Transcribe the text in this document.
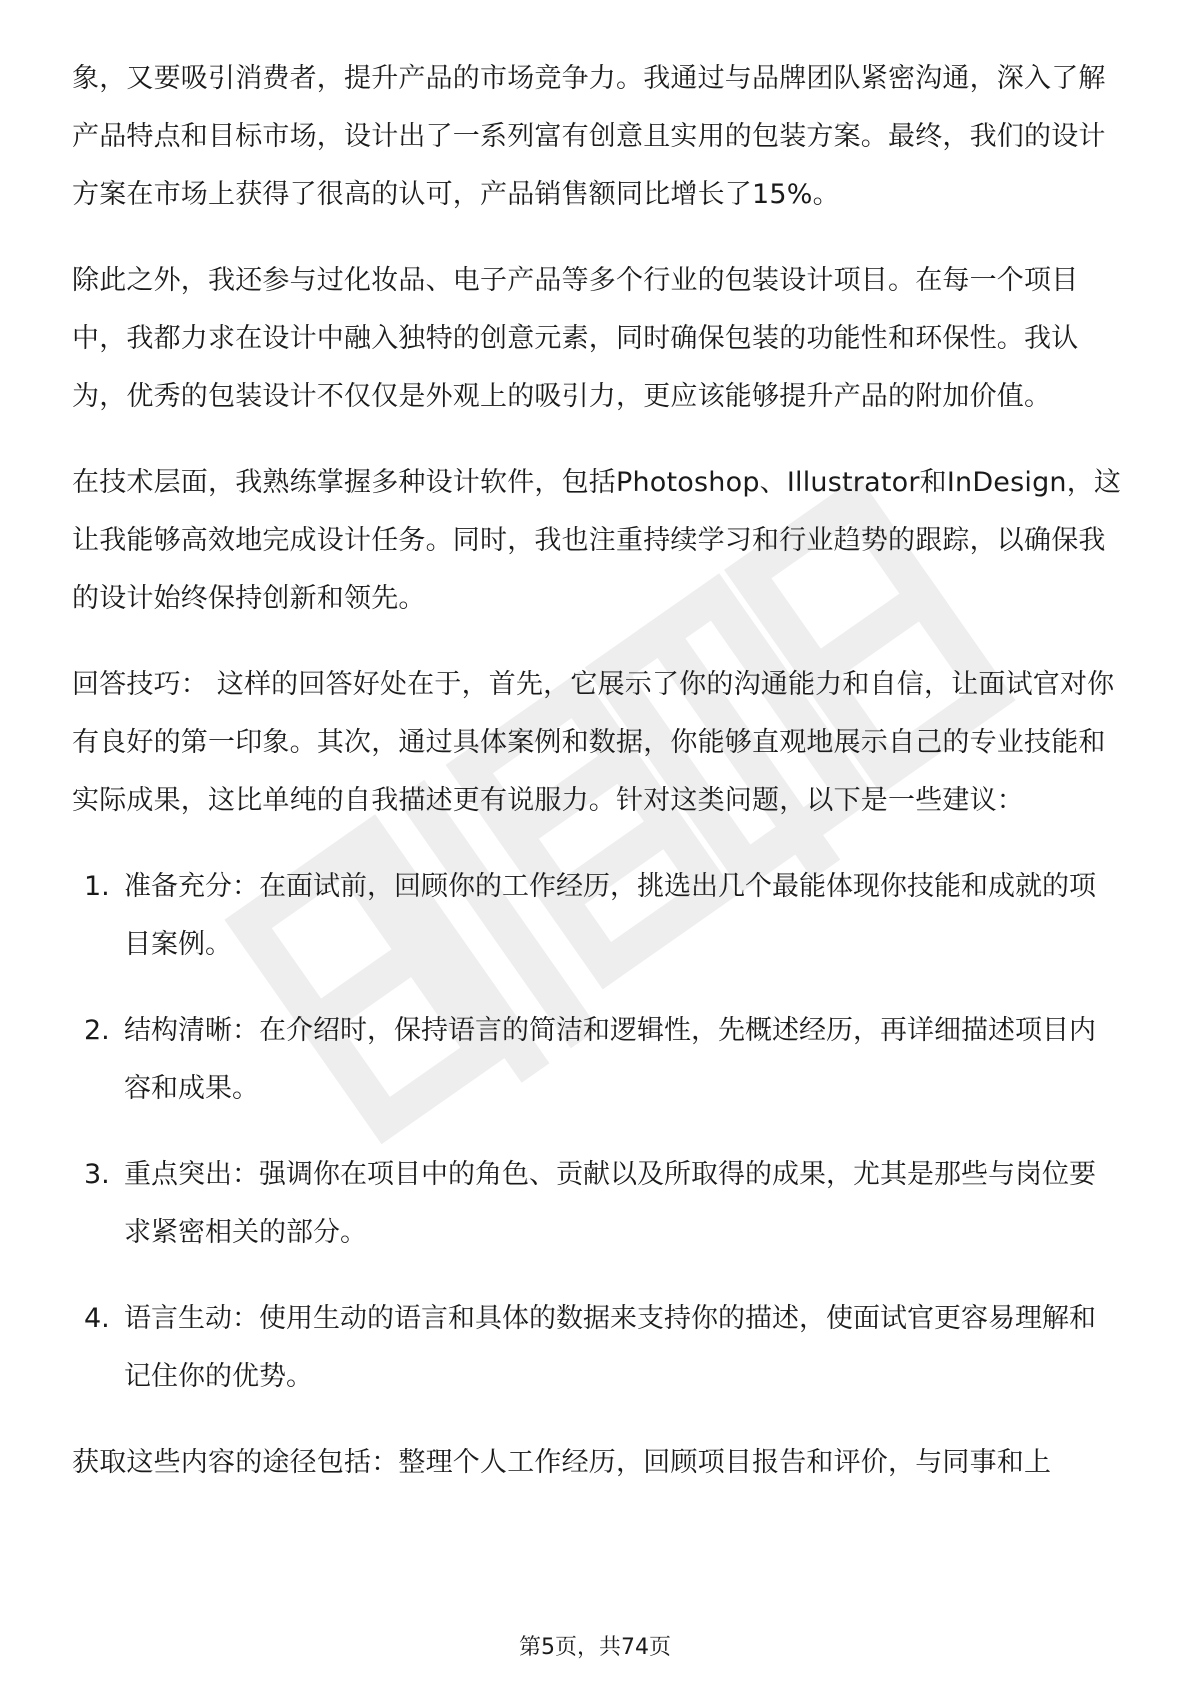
象，又要吸引消费者，提升产品的市场竞争力。我通过与品牌团队紧密沟通，深入了解产品特点和目标市场，设计出了一系列富有创意且实用的包装方案。最终，我们的设计方案在市场上获得了很高的认可，产品销售额同比增长了15%。

除此之外，我还参与过化妆品、电子产品等多个行业的包装设计项目。在每一个项目中，我都力求在设计中融入独特的创意元素，同时确保包装的功能性和环保性。我认为，优秀的包装设计不仅仅是外观上的吸引力，更应该能够提升产品的附加价值。

在技术层面，我熟练掌握多种设计软件，包括Photoshop、Illustrator和InDesign，这让我能够高效地完成设计任务。同时，我也注重持续学习和行业趋势的跟踪，以确保我的设计始终保持创新和领先。

回答技巧： 这样的回答好处在于，首先，它展示了你的沟通能力和自信，让面试官对你有良好的第一印象。其次，通过具体案例和数据，你能够直观地展示自己的专业技能和实际成果，这比单纯的自我描述更有说服力。针对这类问题，以下是一些建议：

1. 准备充分：在面试前，回顾你的工作经历，挑选出几个最能体现你技能和成就的项目案例。
2. 结构清晰：在介绍时，保持语言的简洁和逻辑性，先概述经历，再详细描述项目内容和成果。
3. 重点突出：强调你在项目中的角色、贡献以及所取得的成果，尤其是那些与岗位要求紧密相关的部分。
4. 语言生动：使用生动的语言和具体的数据来支持你的描述，使面试官更容易理解和记住你的优势。

获取这些内容的途径包括：整理个人工作经历，回顾项目报告和评价，与同事和上

第5页，共74页
